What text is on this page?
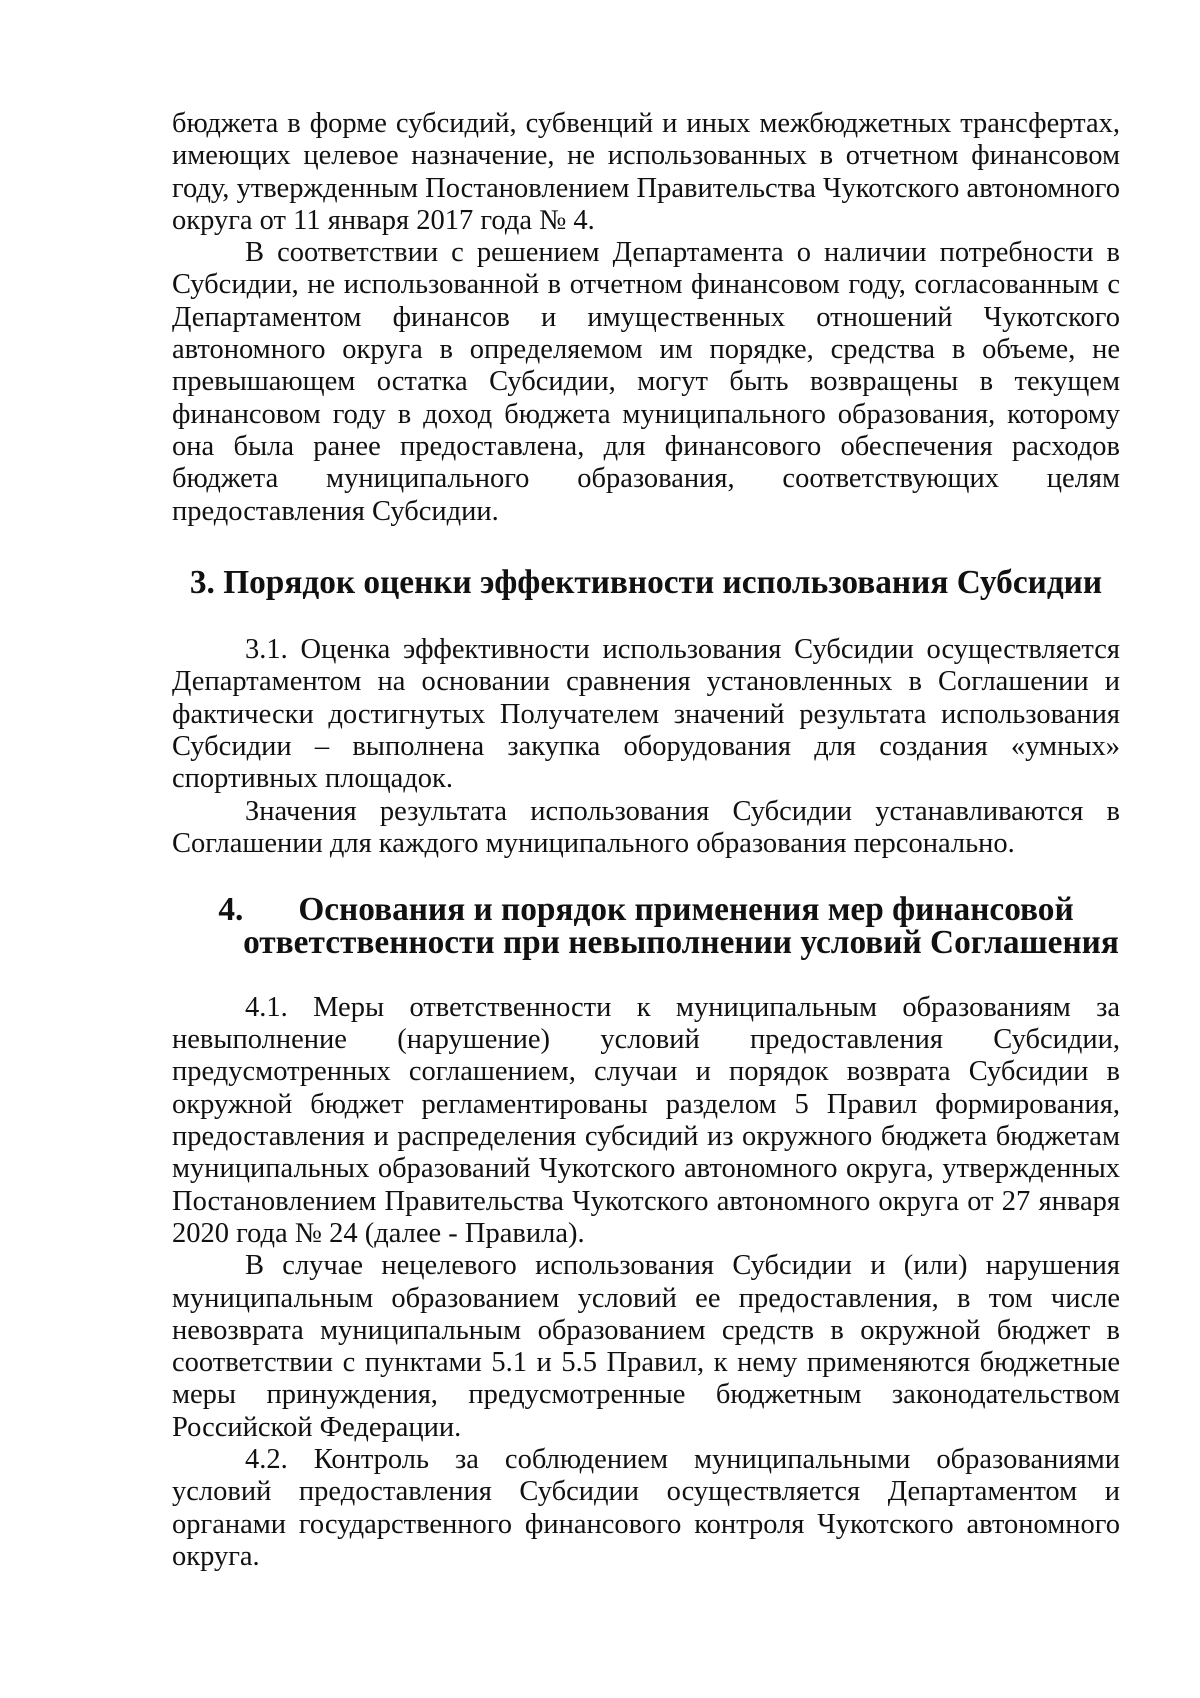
бюджета в форме субсидий, субвенций и иных межбюджетных трансфертах, имеющих целевое назначение, не использованных в отчетном финансовом году, утвержденным Постановлением Правительства Чукотского автономного округа от 11 января 2017 года № 4.

В соответствии с решением Департамента о наличии потребности в Субсидии, не использованной в отчетном финансовом году, согласованным с Департаментом финансов и имущественных отношений Чукотского автономного округа в определяемом им порядке, средства в объеме, не превышающем остатка Субсидии, могут быть возвращены в текущем финансовом году в доход бюджета муниципального образования, которому она была ранее предоставлена, для финансового обеспечения расходов бюджета муниципального образования, соответствующих целям предоставления Субсидии.

3. Порядок оценки эффективности использования Субсидии

3.1. Оценка эффективности использования Субсидии осуществляется Департаментом на основании сравнения установленных в Соглашении и фактически достигнутых Получателем значений результата использования Субсидии – выполнена закупка оборудования для создания «умных» спортивных площадок.

Значения результата использования Субсидии устанавливаются в Соглашении для каждого муниципального образования персонально.

4. Основания и порядок применения мер финансовой
ответственности при невыполнении условий Соглашения

4.1. Меры ответственности к муниципальным образованиям за невыполнение (нарушение) условий предоставления Субсидии, предусмотренных соглашением, случаи и порядок возврата Субсидии в окружной бюджет регламентированы разделом 5 Правил формирования, предоставления и распределения субсидий из окружного бюджета бюджетам муниципальных образований Чукотского автономного округа, утвержденных Постановлением Правительства Чукотского автономного округа от 27 января 2020 года № 24 (далее - Правила).

В случае нецелевого использования Субсидии и (или) нарушения муниципальным образованием условий ее предоставления, в том числе невозврата муниципальным образованием средств в окружной бюджет в соответствии с пунктами 5.1 и 5.5 Правил, к нему применяются бюджетные меры принуждения, предусмотренные бюджетным законодательством Российской Федерации.

4.2. Контроль за соблюдением муниципальными образованиями условий предоставления Субсидии осуществляется Департаментом и органами государственного финансового контроля Чукотского автономного округа.
